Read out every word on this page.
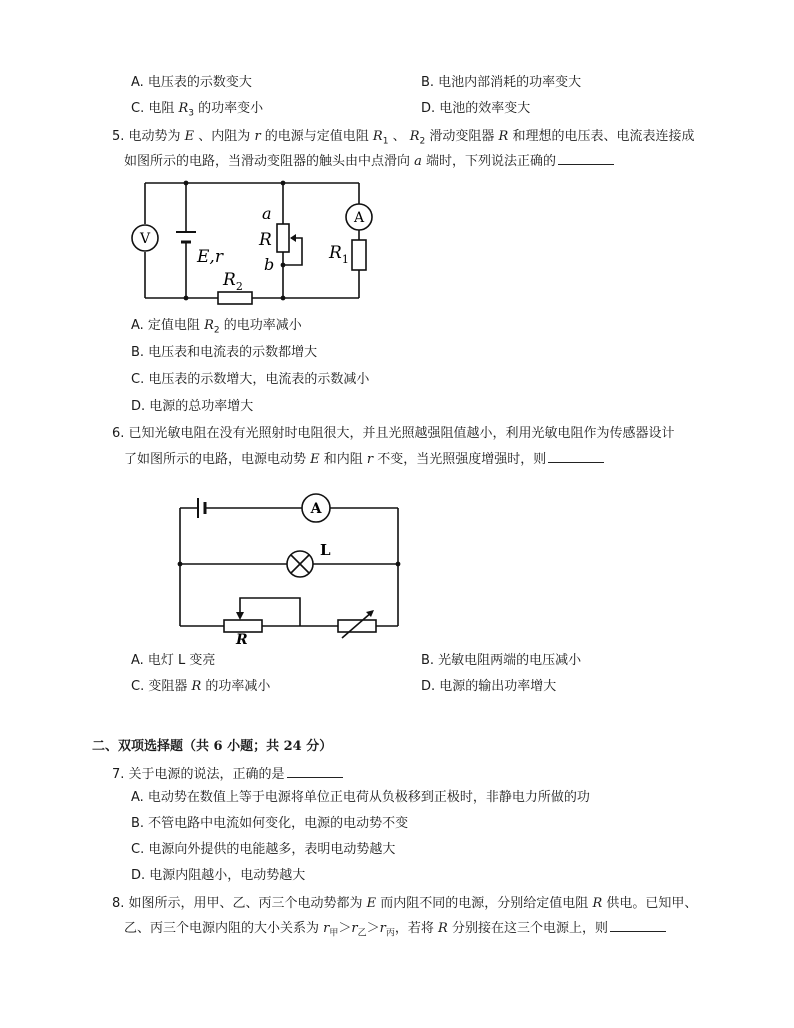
A. 电压表的示数变大	B. 电池内部消耗的功率变大
C. 电阻 $R_3$ 的功率变小	D. 电池的效率变大
5. 电动势为 E 、内阻为 r 的电源与定值电阻 $R_1$ 、 $R_2$ 滑动变阻器 R 和理想的电压表、电流表连接成
如图所示的电路，当滑动变阻器的触头由中点滑向 a 端时，下列说法正确的
V
A
a
R
b
E,r	$R_1$
$R_2$
A. 定值电阻 $R_2$ 的电功率减小
B. 电压表和电流表的示数都增大
C. 电压表的示数增大，电流表的示数减小
D. 电源的总功率增大
6. 已知光敏电阻在没有光照射时电阻很大，并且光照越强阻值越小，利用光敏电阻作为传感器设计
了如图所示的电路，电源电动势 E 和内阻 r 不变，当光照强度增强时，则
A
L
R
A. 电灯 L 变亮	B. 光敏电阻两端的电压减小
C. 变阻器 R 的功率减小	D. 电源的输出功率增大
二、双项选择题（共 6 小题；共 24 分）
7. 关于电源的说法，正确的是
A. 电动势在数值上等于电源将单位正电荷从负极移到正极时，非静电力所做的功
B. 不管电路中电流如何变化，电源的电动势不变
C. 电源向外提供的电能越多，表明电动势越大
D. 电源内阻越小，电动势越大
8. 如图所示，用甲、乙、丙三个电动势都为 E 而内阻不同的电源，分别给定值电阻 R 供电。已知甲、
乙、丙三个电源内阻的大小关系为 $r_甲>r_乙>r_丙$，若将 R 分别接在这三个电源上，则
